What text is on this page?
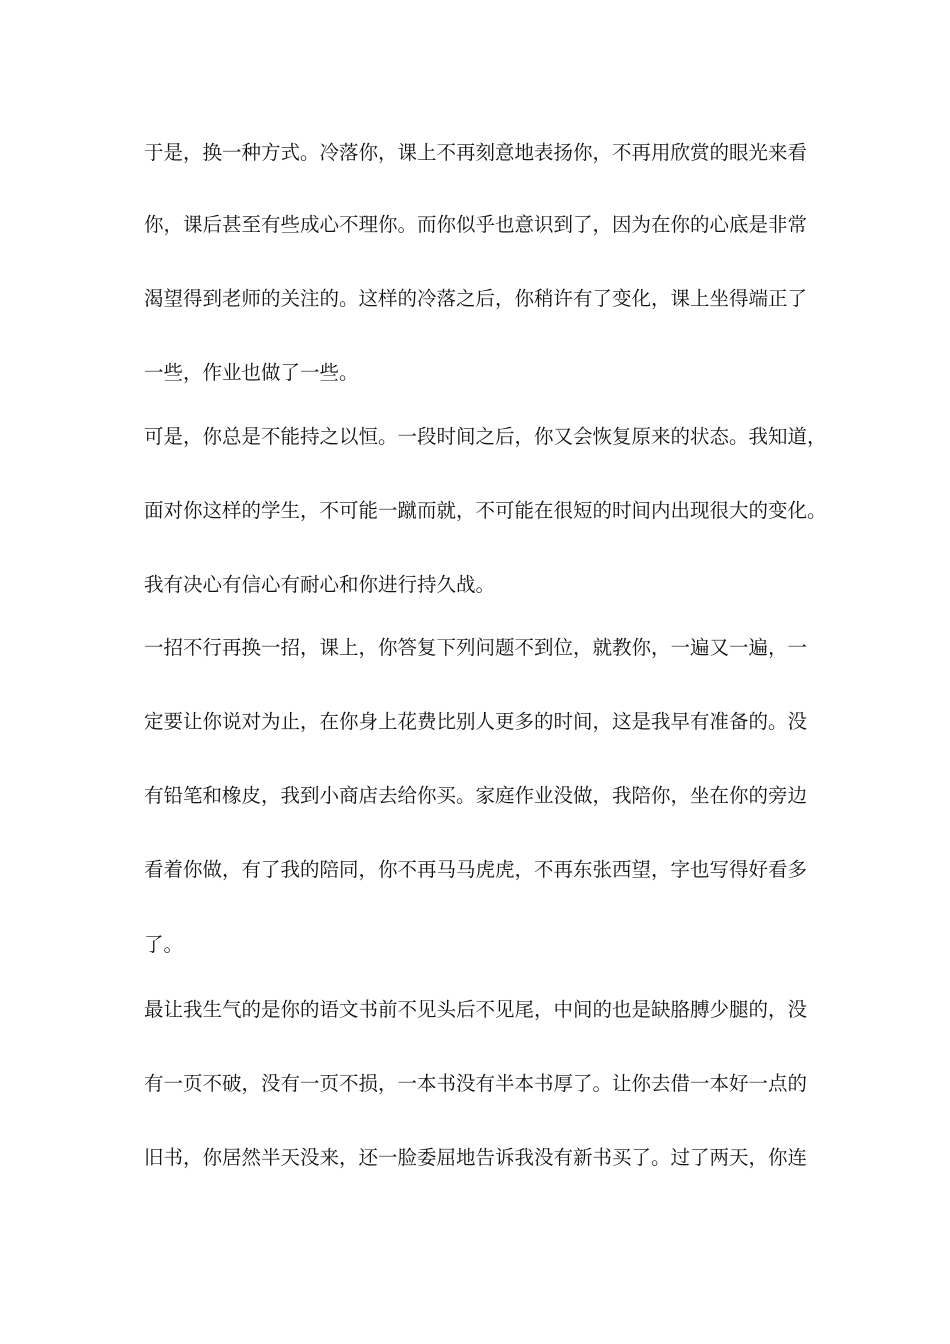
于是，换一种方式。冷落你，课上不再刻意地表扬你，不再用欣赏的眼光来看
你，课后甚至有些成心不理你。而你似乎也意识到了，因为在你的心底是非常
渴望得到老师的关注的。这样的冷落之后，你稍许有了变化，课上坐得端正了
一些，作业也做了一些。
可是，你总是不能持之以恒。一段时间之后，你又会恢复原来的状态。我知道，
面对你这样的学生，不可能一蹴而就，不可能在很短的时间内出现很大的变化。
我有决心有信心有耐心和你进行持久战。
一招不行再换一招，课上，你答复下列问题不到位，就教你，一遍又一遍，一
定要让你说对为止，在你身上花费比别人更多的时间，这是我早有准备的。没
有铅笔和橡皮，我到小商店去给你买。家庭作业没做，我陪你，坐在你的旁边
看着你做，有了我的陪同，你不再马马虎虎，不再东张西望，字也写得好看多
了。
最让我生气的是你的语文书前不见头后不见尾，中间的也是缺胳膊少腿的，没
有一页不破，没有一页不损，一本书没有半本书厚了。让你去借一本好一点的
旧书，你居然半天没来，还一脸委屈地告诉我没有新书买了。过了两天，你连
